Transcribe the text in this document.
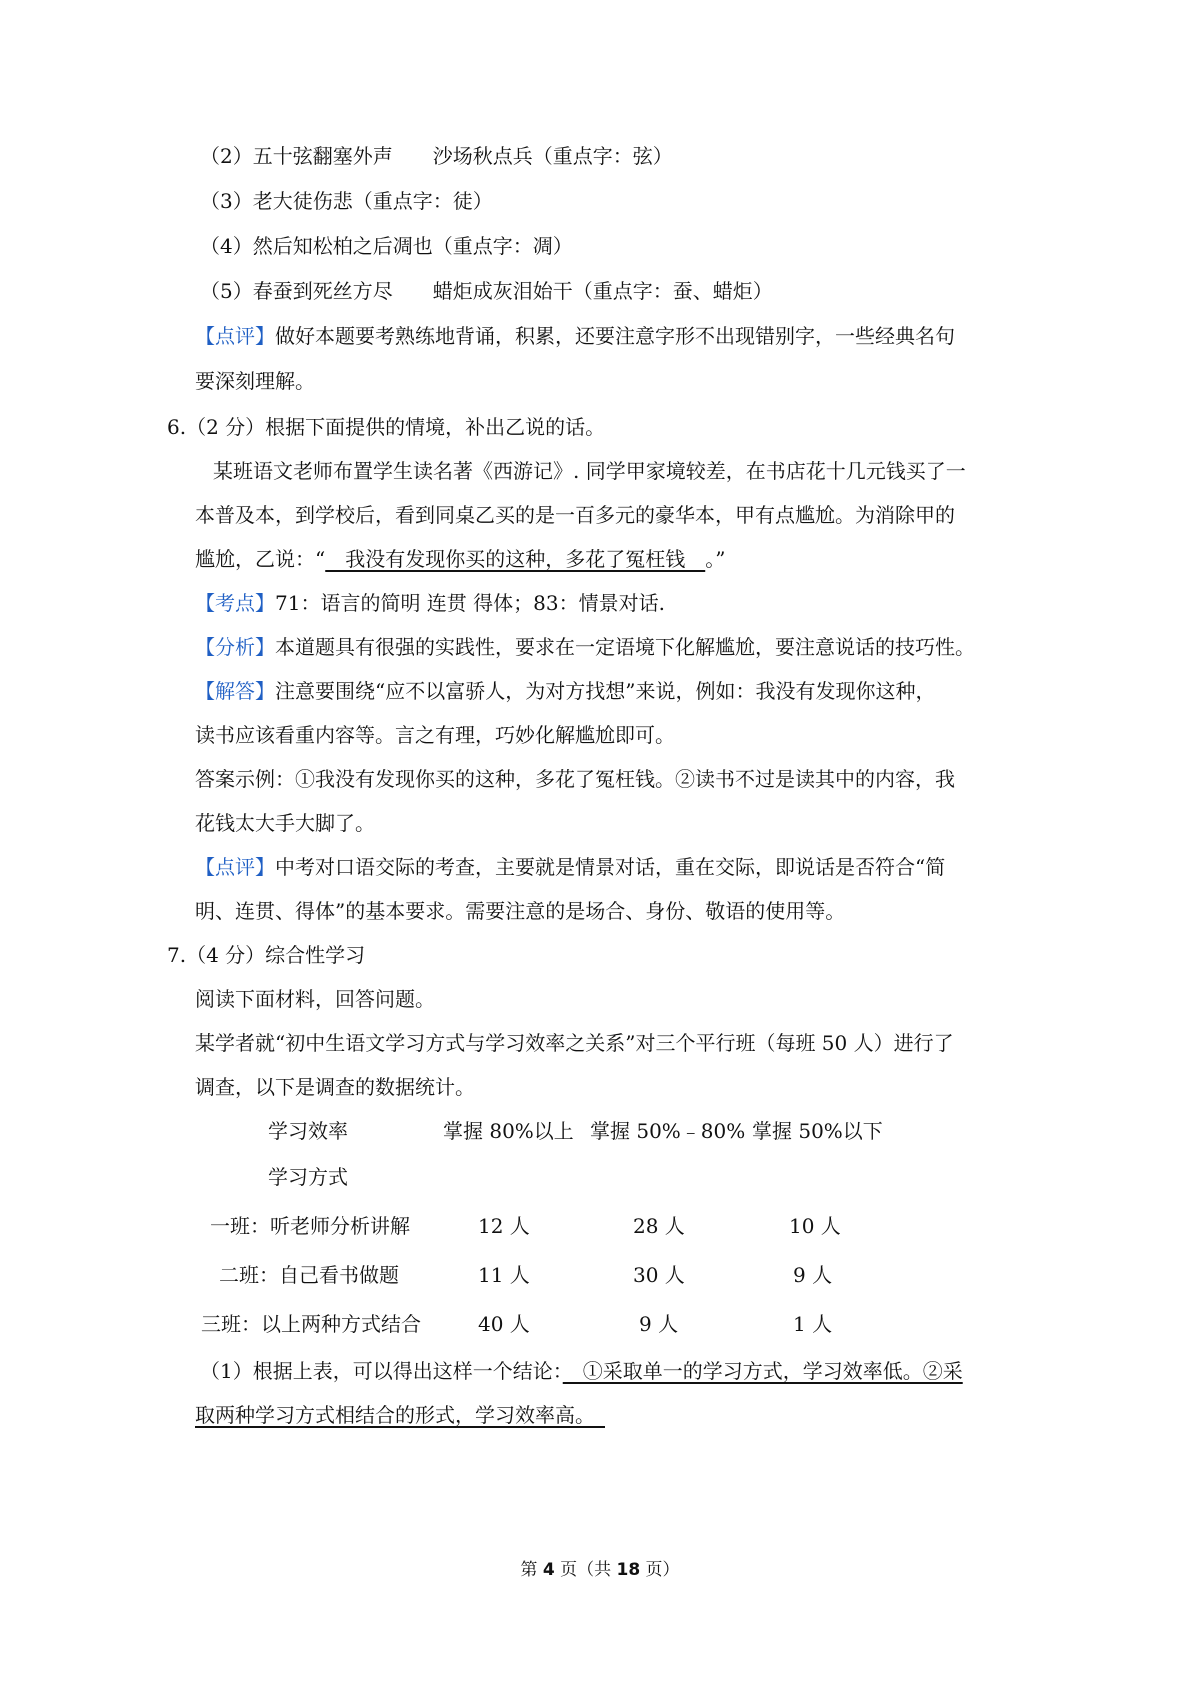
（2）五十弦翻塞外声　　沙场秋点兵（重点字：弦）
（3）老大徒伤悲（重点字：徒）
（4）然后知松柏之后凋也（重点字：凋）
（5）春蚕到死丝方尽　　蜡炬成灰泪始干（重点字：蚕、蜡炬）
【点评】做好本题要考熟练地背诵，积累，还要注意字形不出现错别字，一些经典名句
要深刻理解。
6.（2 分）根据下面提供的情境，补出乙说的话。
某班语文老师布置学生读名著《西游记》. 同学甲家境较差，在书店花十几元钱买了一
本普及本，到学校后，看到同桌乙买的是一百多元的豪华本，甲有点尴尬。为消除甲的
尴尬，乙说：“　我没有发现你买的这种，多花了冤枉钱　。”
【考点】71：语言的简明 连贯 得体；83：情景对话.
【分析】本道题具有很强的实践性，要求在一定语境下化解尴尬，要注意说话的技巧性。
【解答】注意要围绕“应不以富骄人，为对方找想”来说，例如：我没有发现你这种，
读书应该看重内容等。言之有理，巧妙化解尴尬即可。
答案示例：①我没有发现你买的这种，多花了冤枉钱。②读书不过是读其中的内容，我
花钱太大手大脚了。
【点评】中考对口语交际的考查，主要就是情景对话，重在交际，即说话是否符合“简
明、连贯、得体”的基本要求。需要注意的是场合、身份、敬语的使用等。
7.（4 分）综合性学习
阅读下面材料，回答问题。
某学者就“初中生语文学习方式与学习效率之关系”对三个平行班（每班 50 人）进行了
调查，以下是调查的数据统计。
学习效率	掌握 80%以上 掌握 50%﹣80% 掌握 50%以下
学习方式
一班：听老师分析讲解	12 人	28 人	10 人
二班：自己看书做题	11 人	30 人	9 人
三班：以上两种方式结合	40 人	9 人	1 人
（1）根据上表，可以得出这样一个结论：　①采取单一的学习方式，学习效率低。②采
取两种学习方式相结合的形式，学习效率高。　
第 4 页（共 18 页）
